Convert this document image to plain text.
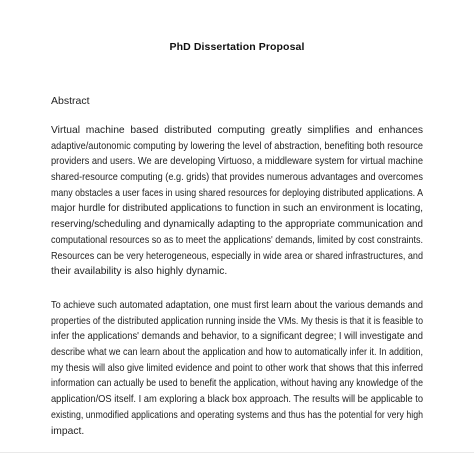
PhD Dissertation Proposal
Abstract
Virtual machine based distributed computing greatly simplifies and enhances
adaptive/autonomic computing by lowering the level of abstraction, benefiting both resource
providers and users. We are developing Virtuoso, a middleware system for virtual machine
shared-resource computing (e.g. grids) that provides numerous advantages and overcomes
many obstacles a user faces in using shared resources for deploying distributed applications. A
major hurdle for distributed applications to function in such an environment is locating,
reserving/scheduling and dynamically adapting to the appropriate communication and
computational resources so as to meet the applications' demands, limited by cost constraints.
Resources can be very heterogeneous, especially in wide area or shared infrastructures, and
their availability is also highly dynamic.
To achieve such automated adaptation, one must first learn about the various demands and
properties of the distributed application running inside the VMs. My thesis is that it is feasible to
infer the applications' demands and behavior, to a significant degree; I will investigate and
describe what we can learn about the application and how to automatically infer it. In addition,
my thesis will also give limited evidence and point to other work that shows that this inferred
information can actually be used to benefit the application, without having any knowledge of the
application/OS itself. I am exploring a black box approach. The results will be applicable to
existing, unmodified applications and operating systems and thus has the potential for very high
impact.
